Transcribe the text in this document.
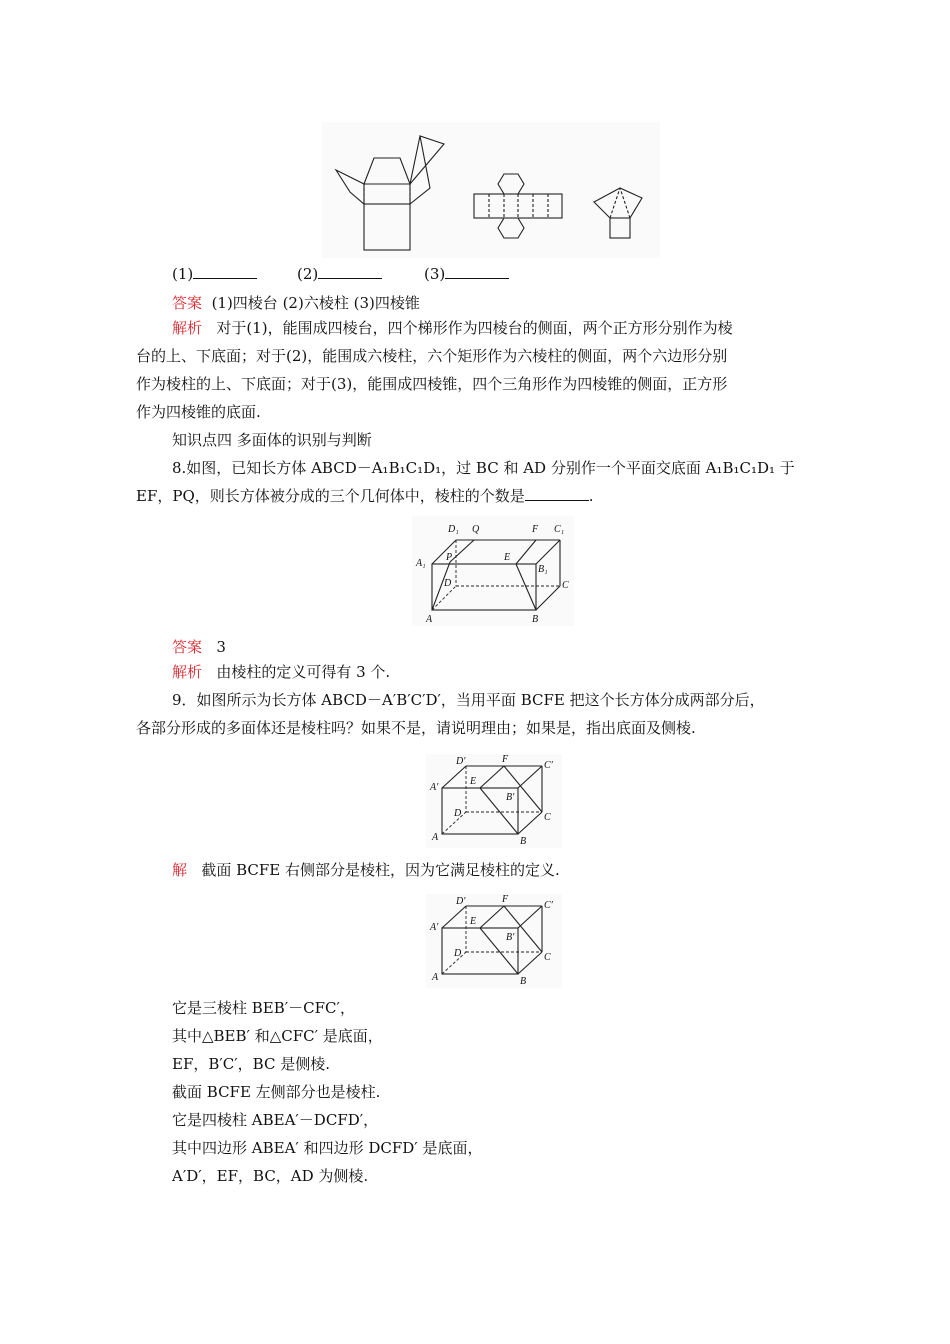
(1)	(2)	(3)
答案 (1)四棱台 (2)六棱柱 (3)四棱锥
解析 对于(1)，能围成四棱台，四个梯形作为四棱台的侧面，两个正方形分别作为棱
台的上、下底面；对于(2)，能围成六棱柱，六个矩形作为六棱柱的侧面，两个六边形分别
作为棱柱的上、下底面；对于(3)，能围成四棱锥，四个三角形作为四棱锥的侧面，正方形
作为四棱锥的底面.
知识点四 多面体的识别与判断
8.如图，已知长方体 ABCD－A₁B₁C₁D₁，过 BC 和 AD 分别作一个平面交底面 A₁B₁C₁D₁ 于
EF，PQ，则长方体被分成的三个几何体中，棱柱的个数是	.
D₁ Q	F C₁
A₁
P	E
B₁
D	C
A	B
答案 3
解析 由棱柱的定义可得有 3 个.
9．如图所示为长方体 ABCD－A′B′C′D′，当用平面 BCFE 把这个长方体分成两部分后，
各部分形成的多面体还是棱柱吗？如果不是，请说明理由；如果是，指出底面及侧棱.
D′	F
C′
A′
E
B′
D	C
A	B
解 截面 BCFE 右侧部分是棱柱，因为它满足棱柱的定义.
D′	F
C′
A′
E
B′
D	C
A	B
它是三棱柱 BEB′－CFC′，
其中△BEB′ 和△CFC′ 是底面，
EF，B′C′，BC 是侧棱.
截面 BCFE 左侧部分也是棱柱.
它是四棱柱 ABEA′－DCFD′，
其中四边形 ABEA′ 和四边形 DCFD′ 是底面，
A′D′，EF，BC，AD 为侧棱.
